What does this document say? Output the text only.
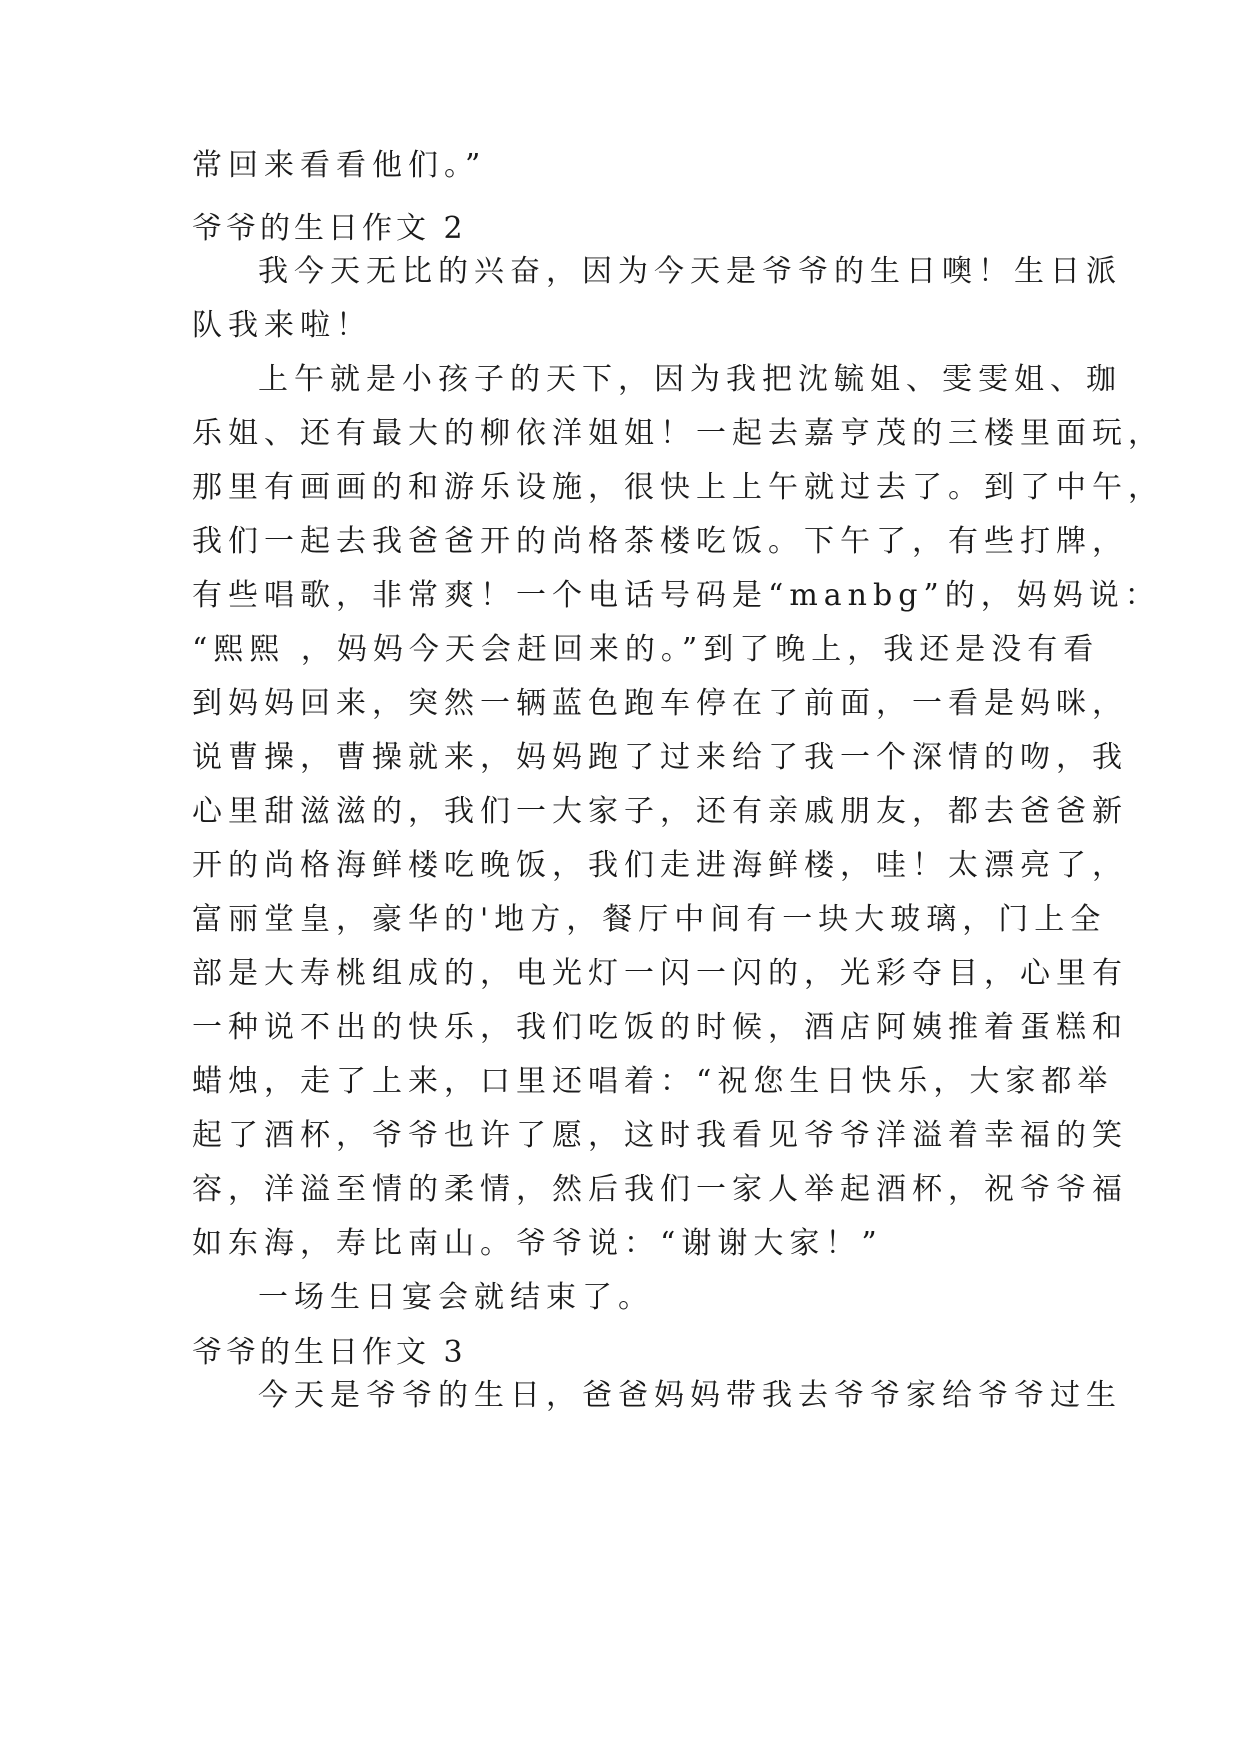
常回来看看他们。”
爷爷的生日作文 2
我今天无比的兴奋，因为今天是爷爷的生日噢！生日派
队我来啦！
上午就是小孩子的天下，因为我把沈毓姐、雯雯姐、珈
乐姐、还有最大的柳依洋姐姐！一起去嘉亨茂的三楼里面玩，
那里有画画的和游乐设施，很快上上午就过去了。到了中午，
我们一起去我爸爸开的尚格茶楼吃饭。下午了，有些打牌，
有些唱歌，非常爽！一个电话号码是“manbg”的，妈妈说：
“熙熙 ，妈妈今天会赶回来的。”到了晚上，我还是没有看
到妈妈回来，突然一辆蓝色跑车停在了前面，一看是妈咪，
说曹操，曹操就来，妈妈跑了过来给了我一个深情的吻，我
心里甜滋滋的，我们一大家子，还有亲戚朋友，都去爸爸新
开的尚格海鲜楼吃晚饭，我们走进海鲜楼，哇！太漂亮了，
富丽堂皇，豪华的'地方，餐厅中间有一块大玻璃，门上全
部是大寿桃组成的，电光灯一闪一闪的，光彩夺目，心里有
一种说不出的快乐，我们吃饭的时候，酒店阿姨推着蛋糕和
蜡烛，走了上来，口里还唱着：“祝您生日快乐，大家都举
起了酒杯，爷爷也许了愿，这时我看见爷爷洋溢着幸福的笑
容，洋溢至情的柔情，然后我们一家人举起酒杯，祝爷爷福
如东海，寿比南山。爷爷说：“谢谢大家！”
一场生日宴会就结束了。
爷爷的生日作文 3
今天是爷爷的生日，爸爸妈妈带我去爷爷家给爷爷过生
